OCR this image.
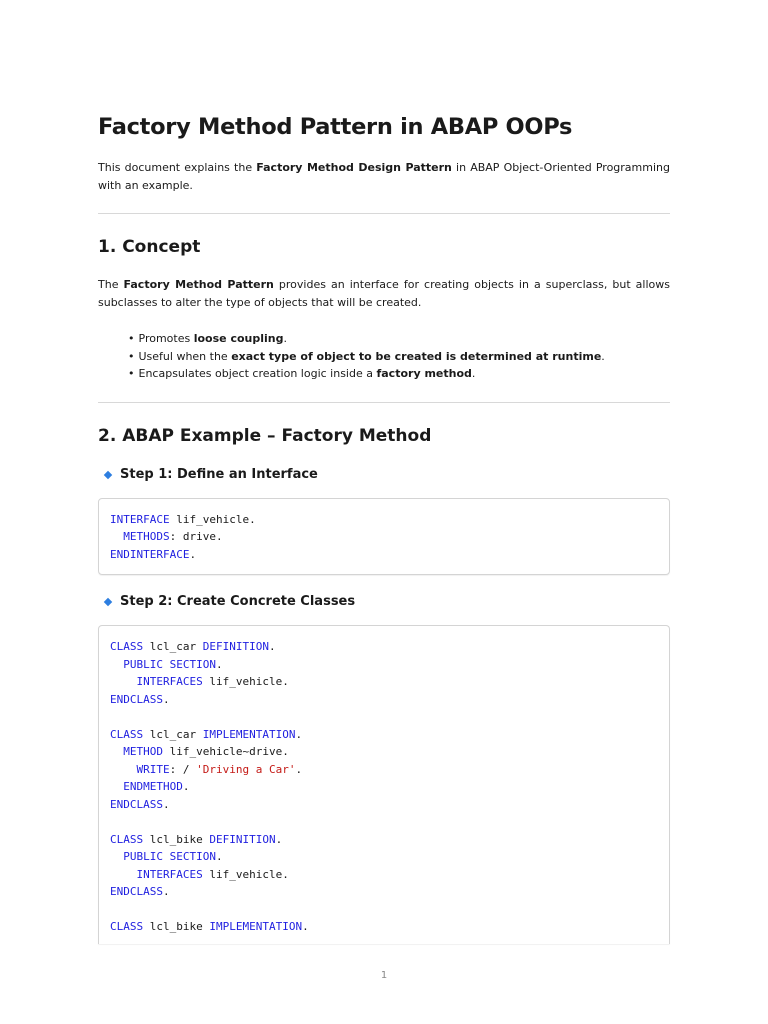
Factory Method Pattern in ABAP OOPs

This document explains the Factory Method Design Pattern in ABAP Object-Oriented Programming with an example.

1. Concept

The Factory Method Pattern provides an interface for creating objects in a superclass, but allows subclasses to alter the type of objects that will be created.

• Promotes loose coupling.
• Useful when the exact type of object to be created is determined at runtime.
• Encapsulates object creation logic inside a factory method.
2. ABAP Example – Factory Method
Step 1: Define an Interface
INTERFACE lif_vehicle.
METHODS: drive.
ENDINTERFACE.
Step 2: Create Concrete Classes
CLASS lcl_car DEFINITION.
PUBLIC SECTION.
INTERFACES lif_vehicle.
ENDCLASS.

CLASS lcl_car IMPLEMENTATION.
METHOD lif_vehicle~drive.
WRITE: / 'Driving a Car'.
ENDMETHOD.
ENDCLASS.

CLASS lcl_bike DEFINITION.
PUBLIC SECTION.
INTERFACES lif_vehicle.
ENDCLASS.

CLASS lcl_bike IMPLEMENTATION.
1
